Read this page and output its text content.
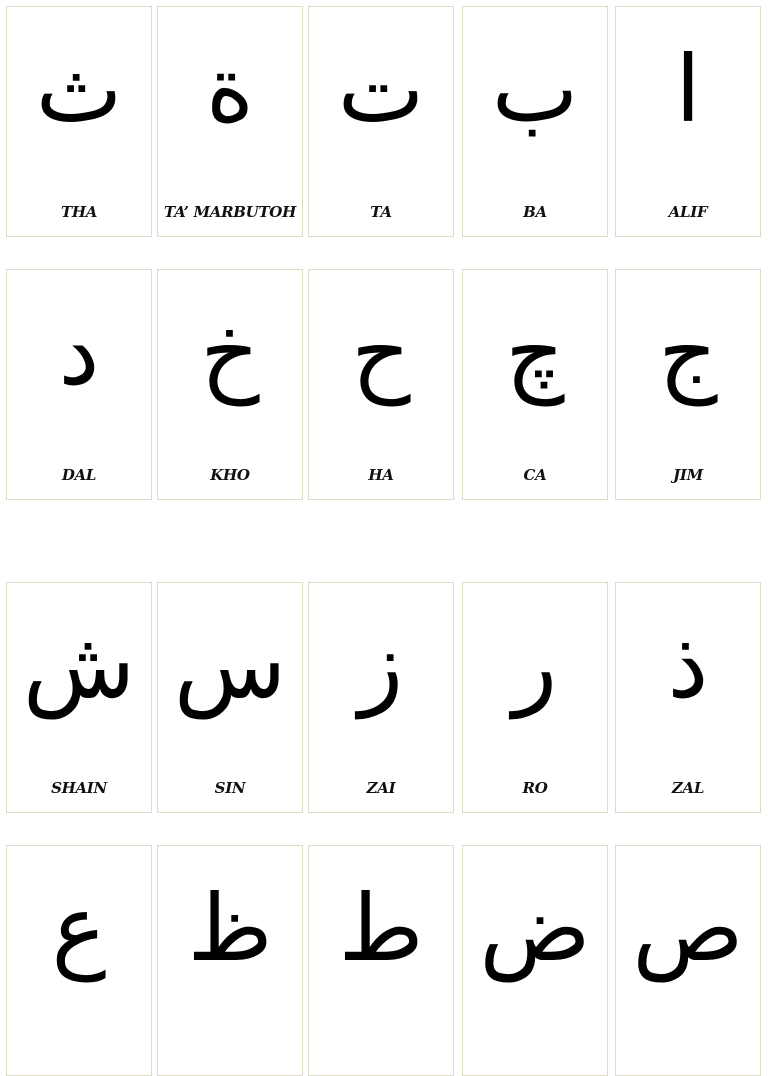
ث
THA
ة
TA’ MARBUTOH
ت
TA
ب
BA
ا
ALIF
د
DAL
خ
KHO
ح
HA
چ
CA
ج
JIM
ش
SHAIN
س
SIN
ز
ZAI
ر
RO
ذ
ZAL
ع ظ ط ض ص
